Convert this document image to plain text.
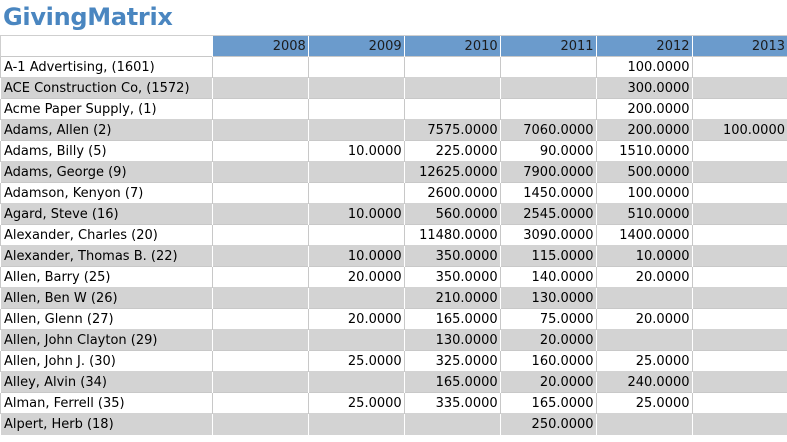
GivingMatrix
	2008	2009	2010	2011	2012	2013
A-1 Advertising, (1601)					100.0000	
ACE Construction Co, (1572)					300.0000	
Acme Paper Supply, (1)					200.0000	
Adams, Allen (2)			7575.0000	7060.0000	200.0000	100.0000
Adams, Billy (5)		10.0000	225.0000	90.0000	1510.0000	
Adams, George (9)			12625.0000	7900.0000	500.0000	
Adamson, Kenyon (7)			2600.0000	1450.0000	100.0000	
Agard, Steve (16)		10.0000	560.0000	2545.0000	510.0000	
Alexander, Charles (20)			11480.0000	3090.0000	1400.0000	
Alexander, Thomas B. (22)		10.0000	350.0000	115.0000	10.0000	
Allen, Barry (25)		20.0000	350.0000	140.0000	20.0000	
Allen, Ben W (26)			210.0000	130.0000		
Allen, Glenn (27)		20.0000	165.0000	75.0000	20.0000	
Allen, John Clayton (29)			130.0000	20.0000		
Allen, John J. (30)		25.0000	325.0000	160.0000	25.0000	
Alley, Alvin (34)			165.0000	20.0000	240.0000	
Alman, Ferrell (35)		25.0000	335.0000	165.0000	25.0000	
Alpert, Herb (18)				250.0000		
